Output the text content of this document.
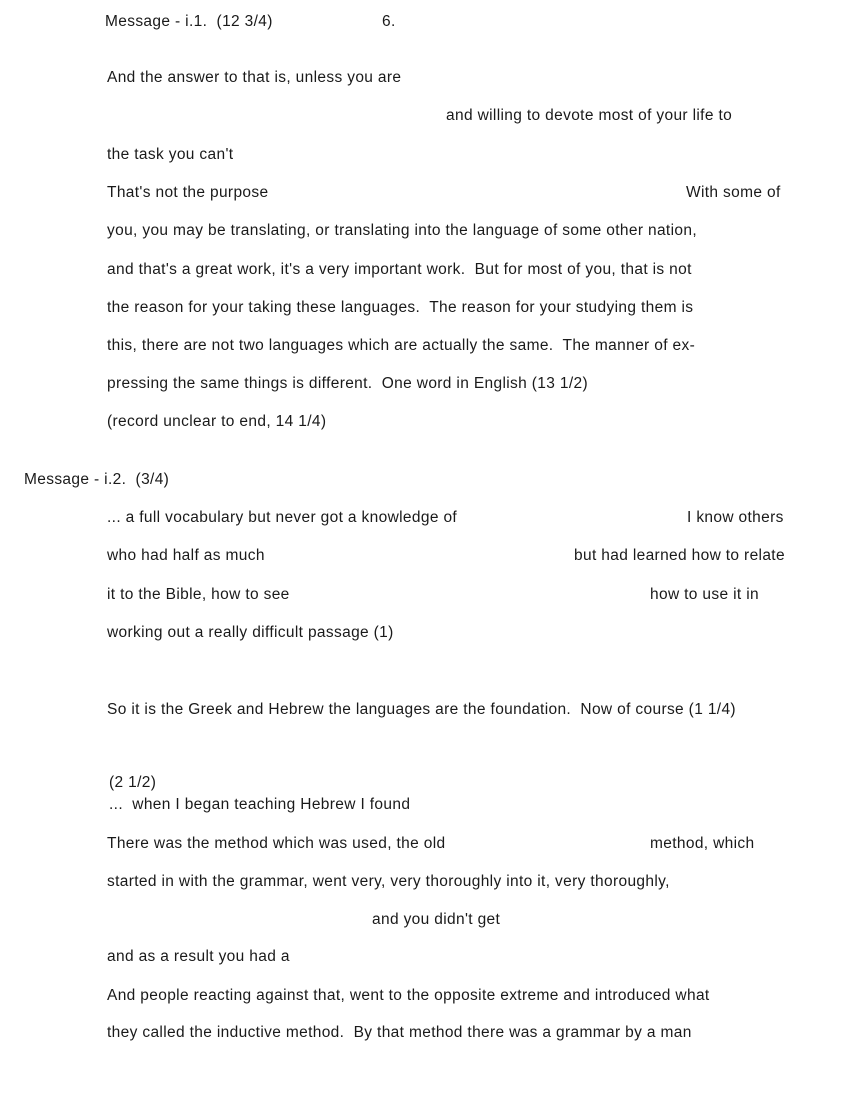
Message - i.1.  (12 3/4)	6.
And the answer to that is, unless you are
and willing to devote most of your life to
the task you can't
That's not the purpose	With some of
you, you may be translating, or translating into the language of some other nation,
and that's a great work, it's a very important work.  But for most of you, that is not
the reason for your taking these languages.  The reason for your studying them is
this, there are not two languages which are actually the same.  The manner of ex-
pressing the same things is different.  One word in English (13 1/2)
(record unclear to end, 14 1/4)
Message - i.2.  (3/4)
... a full vocabulary but never got a knowledge of	I know others
who had half as much	but had learned how to relate
it to the Bible, how to see	how to use it in
working out a really difficult passage (1)
So it is the Greek and Hebrew the languages are the foundation.  Now of course (1 1/4)
(2 1/2)
...  when I began teaching Hebrew I found
There was the method which was used, the old	method, which
started in with the grammar, went very, very thoroughly into it, very thoroughly,
and you didn't get
and as a result you had a
And people reacting against that, went to the opposite extreme and introduced what
they called the inductive method.  By that method there was a grammar by a man
